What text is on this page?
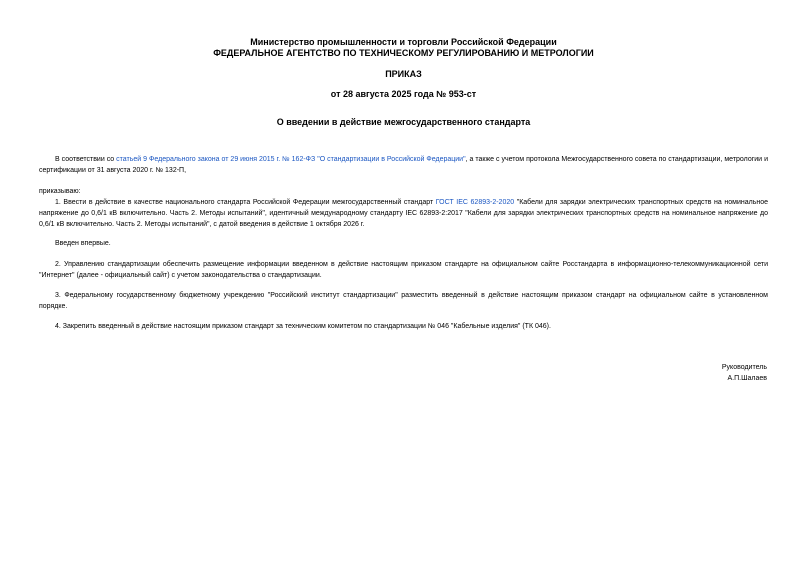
Министерство промышленности и торговли Российской Федерации
ФЕДЕРАЛЬНОЕ АГЕНТСТВО ПО ТЕХНИЧЕСКОМУ РЕГУЛИРОВАНИЮ И МЕТРОЛОГИИ
ПРИКАЗ
от 28 августа 2025 года № 953-ст
О введении в действие межгосударственного стандарта
В соответствии со статьей 9 Федерального закона от 29 июня 2015 г. № 162-ФЗ "О стандартизации в Российской Федерации", а также с учетом протокола Межгосударственного совета по стандартизации, метрологии и сертификации от 31 августа 2020 г. № 132-П,
приказываю:
1. Ввести в действие в качестве национального стандарта Российской Федерации межгосударственный стандарт ГОСТ IEC 62893-2-2020 "Кабели для зарядки электрических транспортных средств на номинальное напряжение до 0,6/1 кВ включительно. Часть 2. Методы испытаний", идентичный международному стандарту IEC 62893-2:2017 "Кабели для зарядки электрических транспортных средств на номинальное напряжение до 0,6/1 кВ включительно. Часть 2. Методы испытаний", с датой введения в действие 1 октября 2026 г.
Введен впервые.
2. Управлению стандартизации обеспечить размещение информации введенном в действие настоящим приказом стандарте на официальном сайте Росстандарта в информационно-телекоммуникационной сети "Интернет" (далее - официальный сайт) с учетом законодательства о стандартизации.
3. Федеральному государственному бюджетному учреждению "Российский институт стандартизации" разместить введенный в действие настоящим приказом стандарт на официальном сайте в установленном порядке.
4. Закрепить введенный в действие настоящим приказом стандарт за техническим комитетом по стандартизации № 046 "Кабельные изделия" (ТК 046).
Руководитель
А.П.Шалаев
